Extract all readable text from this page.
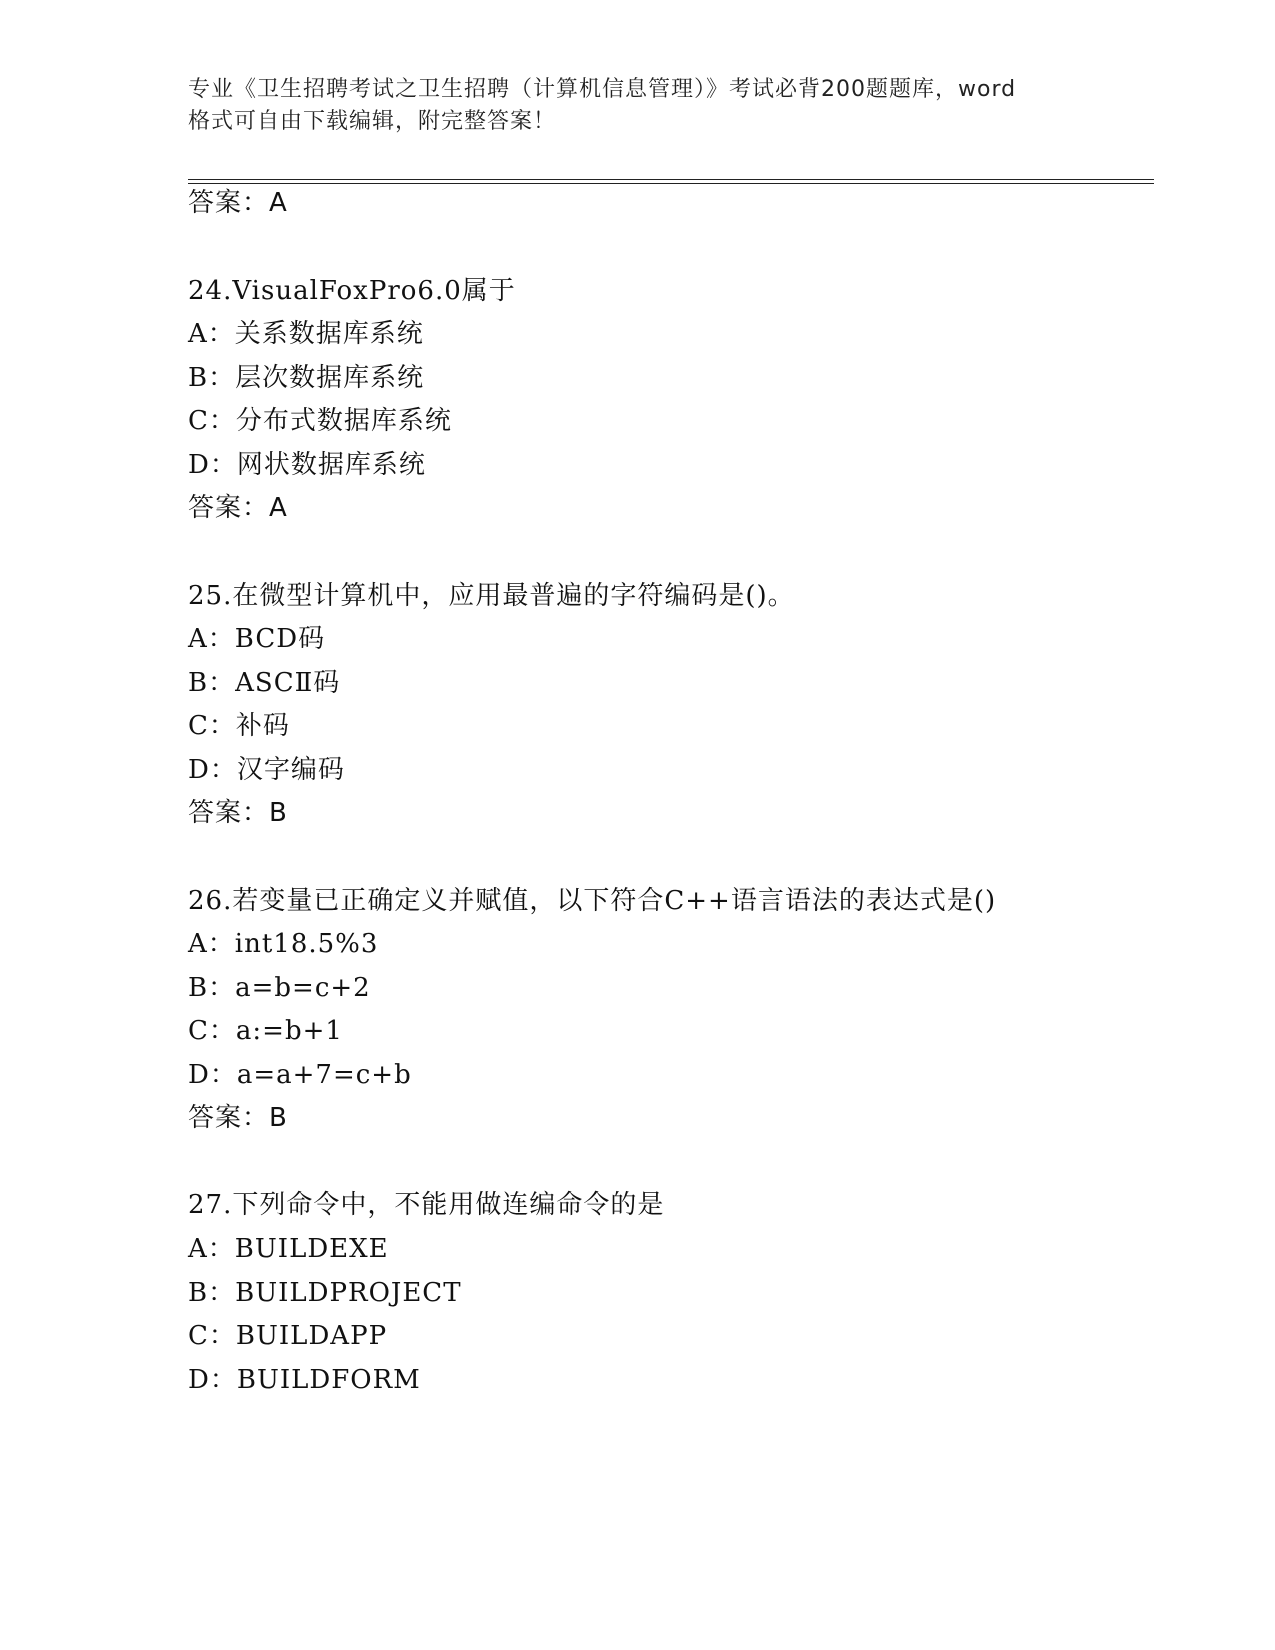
专业《卫生招聘考试之卫生招聘（计算机信息管理）》考试必背200题题库，word
格式可自由下载编辑，附完整答案！
答案：A
24.VisualFoxPro6.0属于
A：关系数据库系统
B：层次数据库系统
C：分布式数据库系统
D：网状数据库系统
答案：A
25.在微型计算机中，应用最普遍的字符编码是()。
A：BCD码
B：ASCⅡ码
C：补码
D：汉字编码
答案：B
26.若变量已正确定义并赋值，以下符合C++语言语法的表达式是()
A：int18.5%3
B：a=b=c+2
C：a:=b+1
D：a=a+7=c+b
答案：B
27.下列命令中，不能用做连编命令的是
A：BUILDEXE
B：BUILDPROJECT
C：BUILDAPP
D：BUILDFORM
